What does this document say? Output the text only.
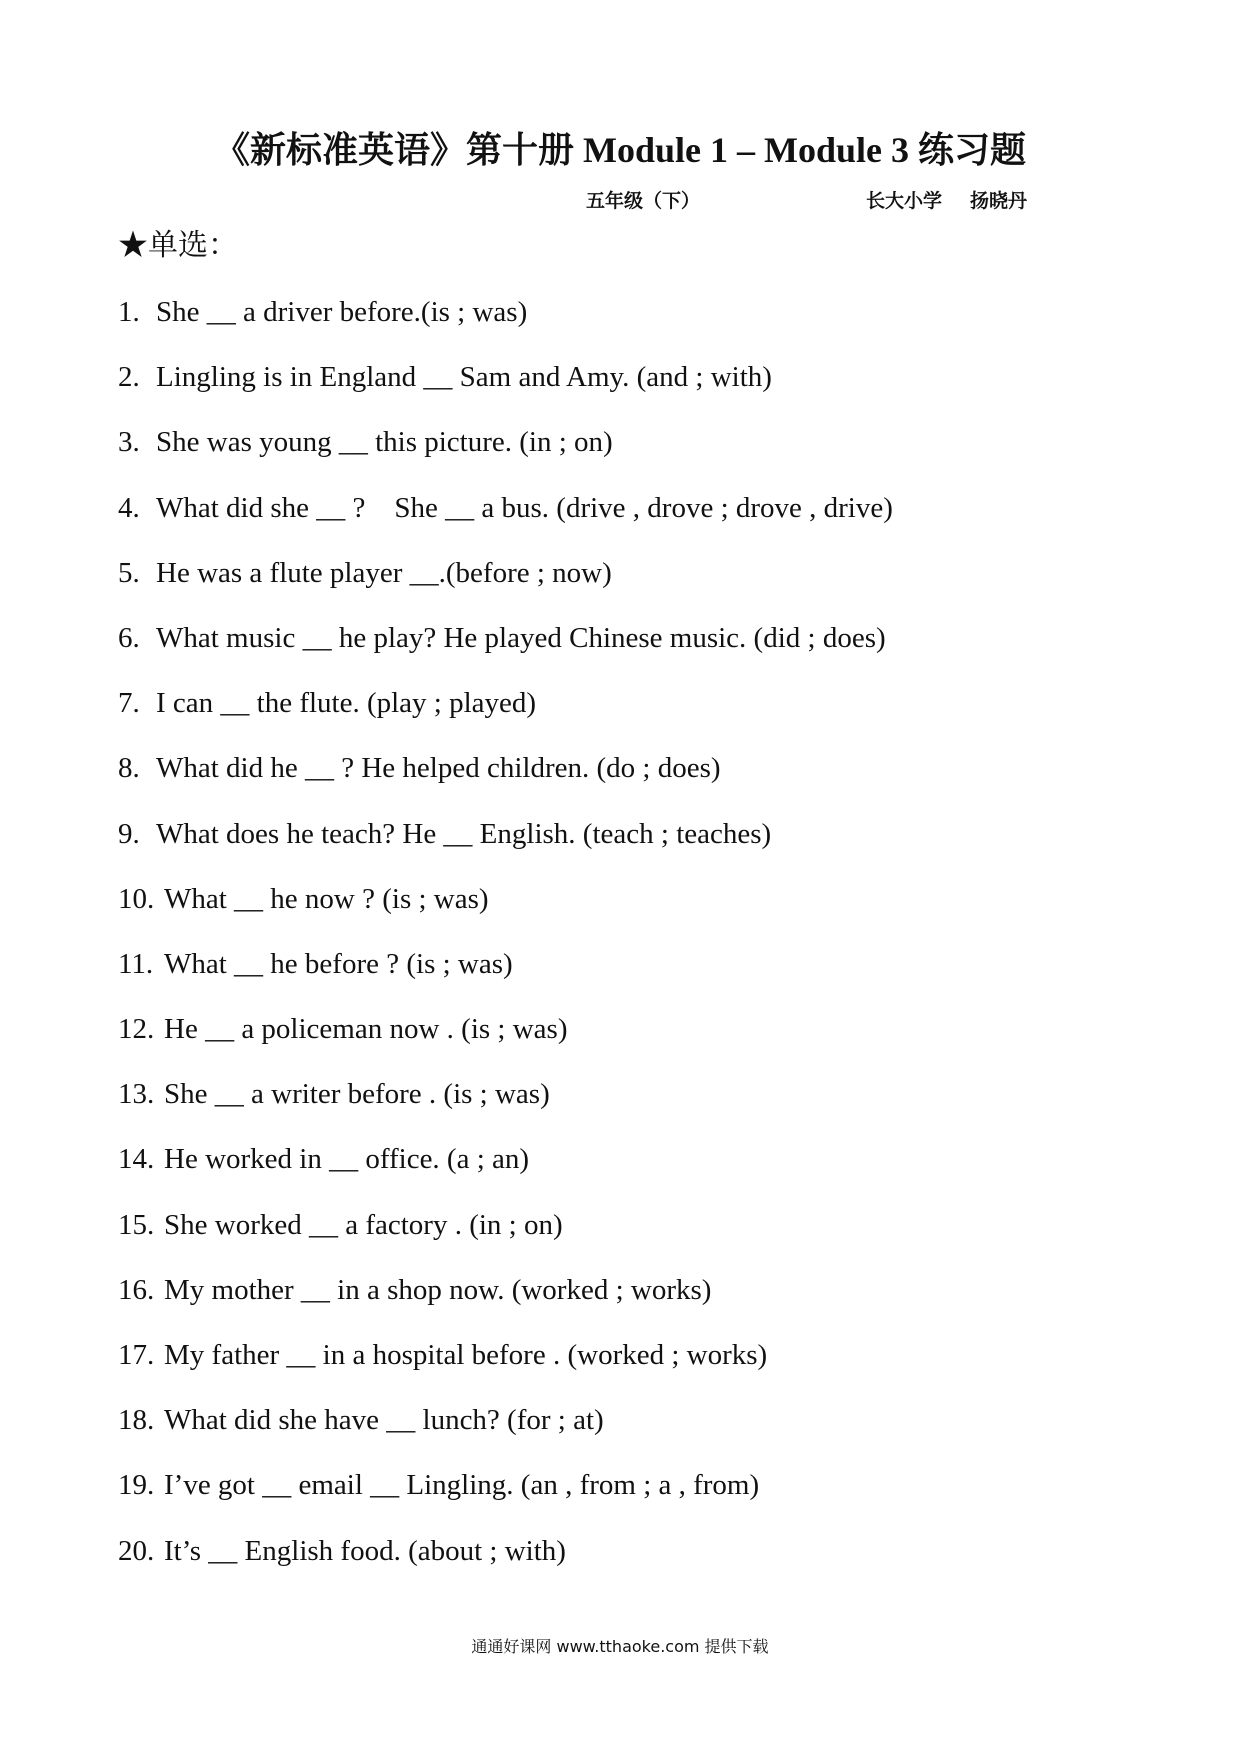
《新标准英语》第十册 Module 1 – Module 3 练习题
五年级（下）	长大小学 扬晓丹
★单选：
1. She __ a driver before.(is ; was)
2. Lingling is in England __ Sam and Amy. (and ; with)
3. She was young __ this picture. (in ; on)
4. What did she __ ?    She __ a bus. (drive , drove ; drove , drive)
5. He was a flute player __.(before ; now)
6. What music __ he play? He played Chinese music. (did ; does)
7. I can __ the flute. (play ; played)
8. What did he __ ? He helped children. (do ; does)
9. What does he teach? He __ English. (teach ; teaches)
10. What __ he now ? (is ; was)
11. What __ he before ? (is ; was)
12. He __ a policeman now . (is ; was)
13. She __ a writer before . (is ; was)
14. He worked in __ office. (a ; an)
15. She worked __ a factory . (in ; on)
16. My mother __ in a shop now. (worked ; works)
17. My father __ in a hospital before . (worked ; works)
18. What did she have __ lunch? (for ; at)
19. I’ve got __ email __ Lingling. (an , from ; a , from)
20. It’s __ English food. (about ; with)
通通好课网 www.tthaoke.com 提供下载
